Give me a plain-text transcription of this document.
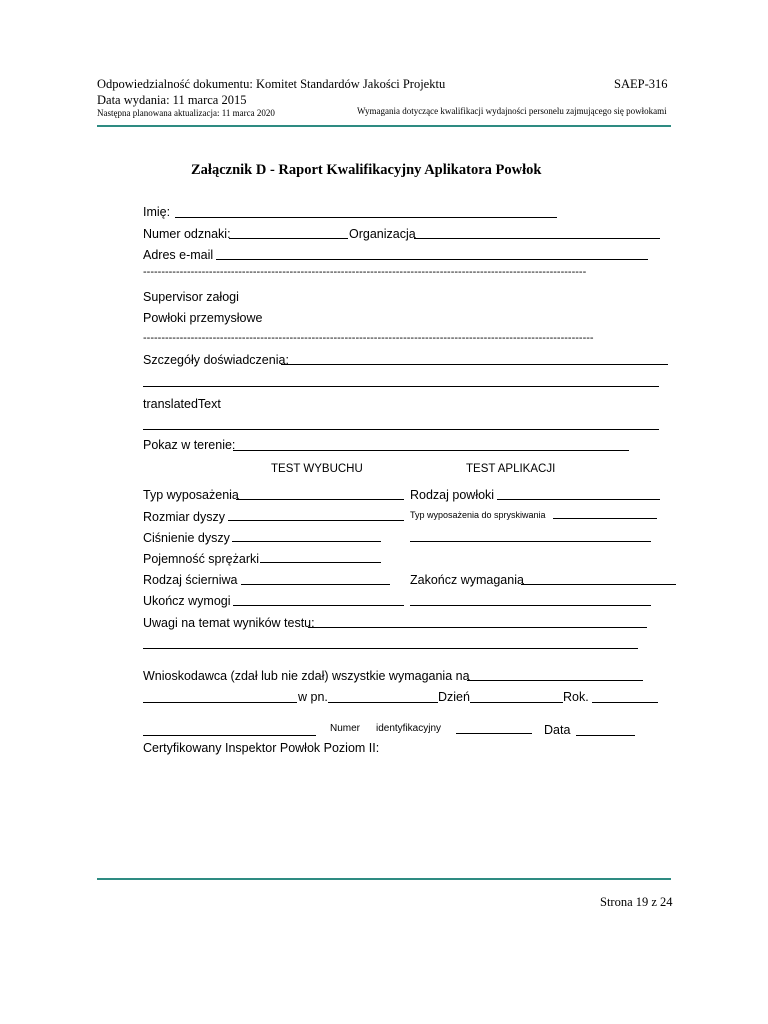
Odpowiedzialność dokumentu: Komitet Standardów Jakości Projektu	SAEP-316
Data wydania: 11 marca 2015
Następna planowana aktualizacja: 11 marca 2020	Wymagania dotyczące kwalifikacji wydajności personelu zajmującego się powłokami
Załącznik D - Raport Kwalifikacyjny Aplikatora Powłok
Imię:
Numer odznaki:	Organizacja
Adres e-mail
-------------------------------------------------------------------------------------------------------------------------
Supervisor załogi
Powłoki przemysłowe
---------------------------------------------------------------------------------------------------------------------------
Szczegóły doświadczenia:
translatedText
Pokaz w terenie:
TEST WYBUCHU	TEST APLIKACJI
Typ wyposażenia	Rodzaj powłoki
Rozmiar dyszy	Typ wyposażenia do spryskiwania
Ciśnienie dyszy
Pojemność sprężarki
Rodzaj ścierniwa	Zakończ wymagania
Ukończ wymogi
Uwagi na temat wyników testu:
Wnioskodawca (zdał lub nie zdał) wszystkie wymagania na
w pn.	Dzień	Rok.
Numer identyfikacyjny	Data
Certyfikowany Inspektor Powłok Poziom II:
Strona 19 z 24
